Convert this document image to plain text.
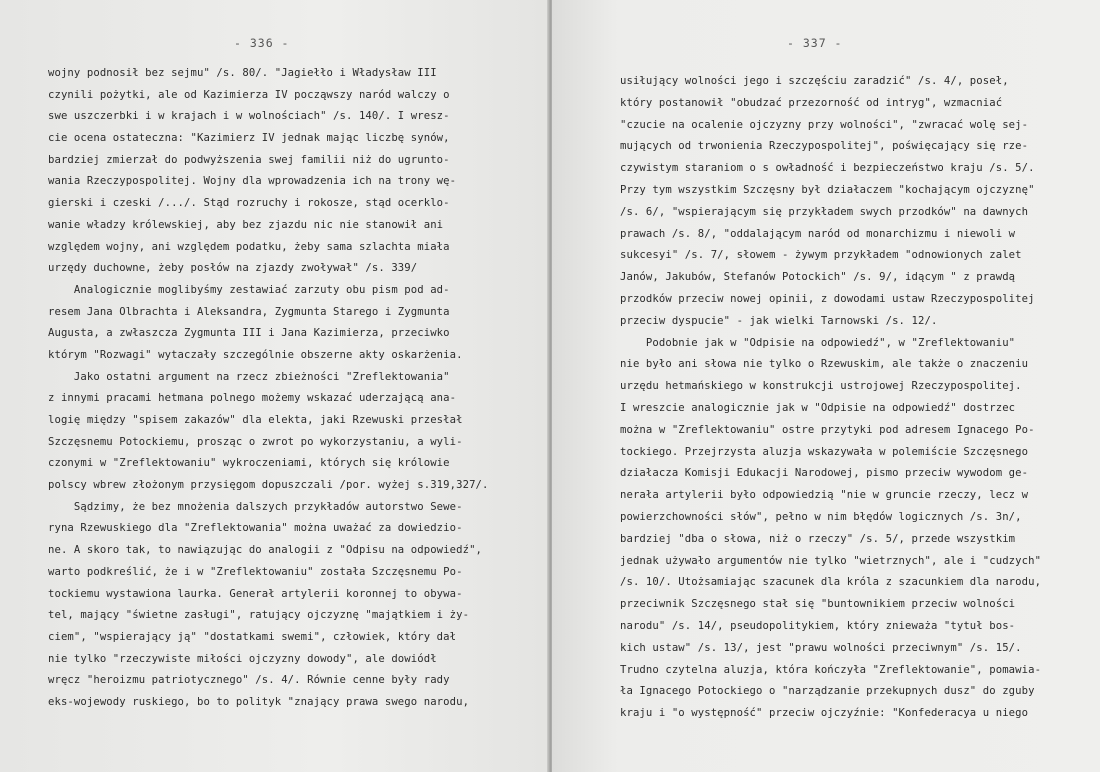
- 336 -
wojny podnosił bez sejmu" /s. 80/. "Jagiełło i Władysław III
czynili pożytki, ale od Kazimierza IV począwszy naród walczy o
swe uszczerbki i w krajach i w wolnościach" /s. 140/. I wresz-
cie ocena ostateczna: "Kazimierz IV jednak mając liczbę synów,
bardziej zmierzał do podwyższenia swej familii niż do ugrunto-
wania Rzeczypospolitej. Wojny dla wprowadzenia ich na trony wę-
gierski i czeski /.../. Stąd rozruchy i rokosze, stąd ocerklo-
wanie władzy królewskiej, aby bez zjazdu nic nie stanowił ani
względem wojny, ani względem podatku, żeby sama szlachta miała
urzędy duchowne, żeby posłów na zjazdy zwoływał" /s. 339/
Analogicznie moglibyśmy zestawiać zarzuty obu pism pod ad-
resem Jana Olbrachta i Aleksandra, Zygmunta Starego i Zygmunta
Augusta, a zwłaszcza Zygmunta III i Jana Kazimierza, przeciwko
którym "Rozwagi" wytaczały szczególnie obszerne akty oskarżenia.
Jako ostatni argument na rzecz zbieżności "Zreflektowania"
z innymi pracami hetmana polnego możemy wskazać uderzającą ana-
logię między "spisem zakazów" dla elekta, jaki Rzewuski przesłał
Szczęsnemu Potockiemu, prosząc o zwrot po wykorzystaniu, a wyli-
czonymi w "Zreflektowaniu" wykroczeniami, których się królowie
polscy wbrew złożonym przysięgom dopuszczali /por. wyżej s.319,327/.
Sądzimy, że bez mnożenia dalszych przykładów autorstwo Sewe-
ryna Rzewuskiego dla "Zreflektowania" można uważać za dowiedzio-
ne. A skoro tak, to nawiązując do analogii z "Odpisu na odpowiedź",
warto podkreślić, że i w "Zreflektowaniu" została Szczęsnemu Po-
tockiemu wystawiona laurka. Generał artylerii koronnej to obywa-
tel, mający "świetne zasługi", ratujący ojczyznę "majątkiem i ży-
ciem", "wspierający ją" "dostatkami swemi", człowiek, który dał
nie tylko "rzeczywiste miłości ojczyzny dowody", ale dowiódł
wręcz "heroizmu patriotycznego" /s. 4/. Równie cenne były rady
eks-wojewody ruskiego, bo to polityk "znający prawa swego narodu,
- 337 -
usiłujący wolności jego i szczęściu zaradzić" /s. 4/, poseł,
który postanowił "obudzać przezorność od intryg", wzmacniać
"czucie na ocalenie ojczyzny przy wolności", "zwracać wolę sej-
mujących od trwonienia Rzeczypospolitej", poświęcający się rze-
czywistym staraniom o s owładność i bezpieczeństwo kraju /s. 5/.
Przy tym wszystkim Szczęsny był działaczem "kochającym ojczyznę"
/s. 6/, "wspierającym się przykładem swych przodków" na dawnych
prawach /s. 8/, "oddalającym naród od monarchizmu i niewoli w
sukcesyi" /s. 7/, słowem - żywym przykładem "odnowionych zalet
Janów, Jakubów, Stefanów Potockich" /s. 9/, idącym " z prawdą
przodków przeciw nowej opinii, z dowodami ustaw Rzeczypospolitej
przeciw dyspucie" - jak wielki Tarnowski /s. 12/.
Podobnie jak w "Odpisie na odpowiedź", w "Zreflektowaniu"
nie było ani słowa nie tylko o Rzewuskim, ale także o znaczeniu
urzędu hetmańskiego w konstrukcji ustrojowej Rzeczypospolitej.
I wreszcie analogicznie jak w "Odpisie na odpowiedź" dostrzec
można w "Zreflektowaniu" ostre przytyki pod adresem Ignacego Po-
tockiego. Przejrzysta aluzja wskazywała w polemiście Szczęsnego
działacza Komisji Edukacji Narodowej, pismo przeciw wywodom ge-
nerała artylerii było odpowiedzią "nie w gruncie rzeczy, lecz w
powierzchowności słów", pełno w nim błędów logicznych /s. 3n/,
bardziej "dba o słowa, niż o rzeczy" /s. 5/, przede wszystkim
jednak używało argumentów nie tylko "wietrznych", ale i "cudzych"
/s. 10/. Utożsamiając szacunek dla króla z szacunkiem dla narodu,
przeciwnik Szczęsnego stał się "buntownikiem przeciw wolności
narodu" /s. 14/, pseudopolitykiem, który znieważa "tytuł bos-
kich ustaw" /s. 13/, jest "prawu wolności przeciwnym" /s. 15/.
Trudno czytelna aluzja, która kończyła "Zreflektowanie", pomawia-
ła Ignacego Potockiego o "narządzanie przekupnych dusz" do zguby
kraju i "o występność" przeciw ojczyźnie: "Konfederacya u niego
